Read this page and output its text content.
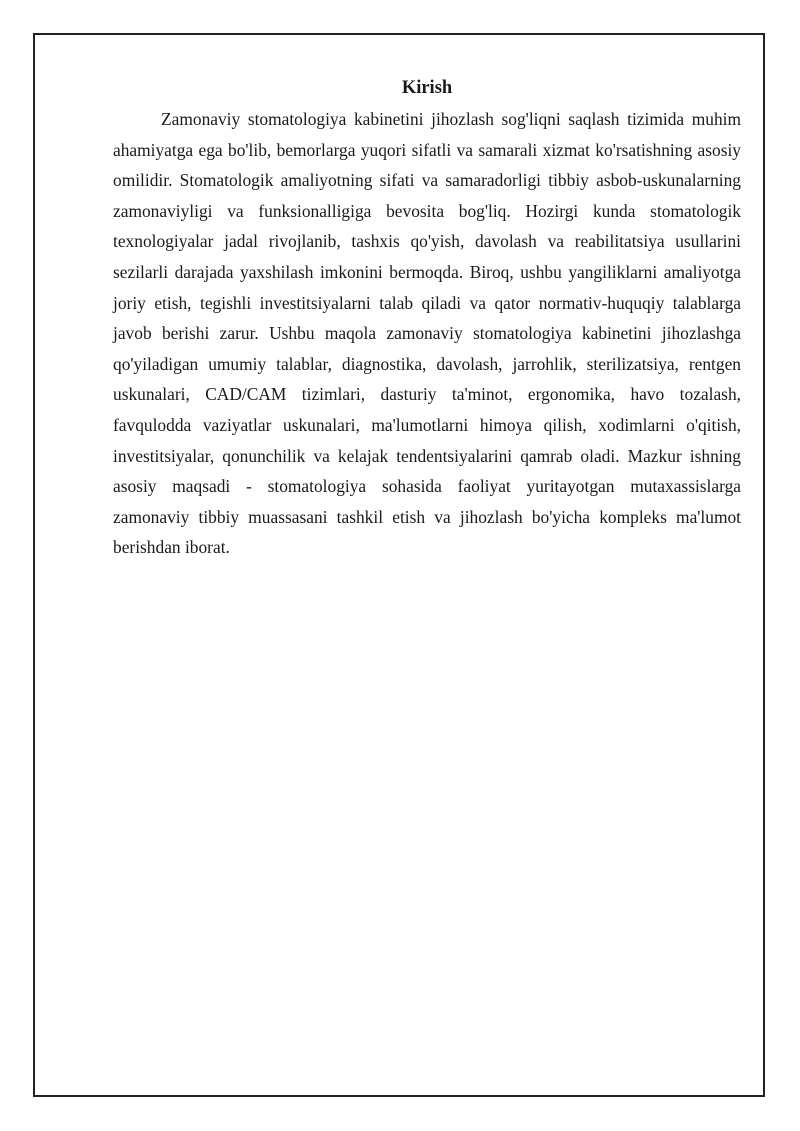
Kirish

Zamonaviy stomatologiya kabinetini jihozlash sog'liqni saqlash tizimida muhim ahamiyatga ega bo'lib, bemorlarga yuqori sifatli va samarali xizmat ko'rsatishning asosiy omilidir. Stomatologik amaliyotning sifati va samaradorligi tibbiy asbob-uskunalarning zamonaviyligi va funksionalligiga bevosita bog'liq. Hozirgi kunda stomatologik texnologiyalar jadal rivojlanib, tashxis qo'yish, davolash va reabilitatsiya usullarini sezilarli darajada yaxshilash imkonini bermoqda. Biroq, ushbu yangiliklarni amaliyotga joriy etish, tegishli investitsiyalarni talab qiladi va qator normativ-huquqiy talablarga javob berishi zarur. Ushbu maqola zamonaviy stomatologiya kabinetini jihozlashga qo'yiladigan umumiy talablar, diagnostika, davolash, jarrohlik, sterilizatsiya, rentgen uskunalari, CAD/CAM tizimlari, dasturiy ta'minot, ergonomika, havo tozalash, favqulodda vaziyatlar uskunalari, ma'lumotlarni himoya qilish, xodimlarni o'qitish, investitsiyalar, qonunchilik va kelajak tendentsiyalarini qamrab oladi. Mazkur ishning asosiy maqsadi - stomatologiya sohasida faoliyat yuritayotgan mutaxassislarga zamonaviy tibbiy muassasani tashkil etish va jihozlash bo'yicha kompleks ma'lumot berishdan iborat.
